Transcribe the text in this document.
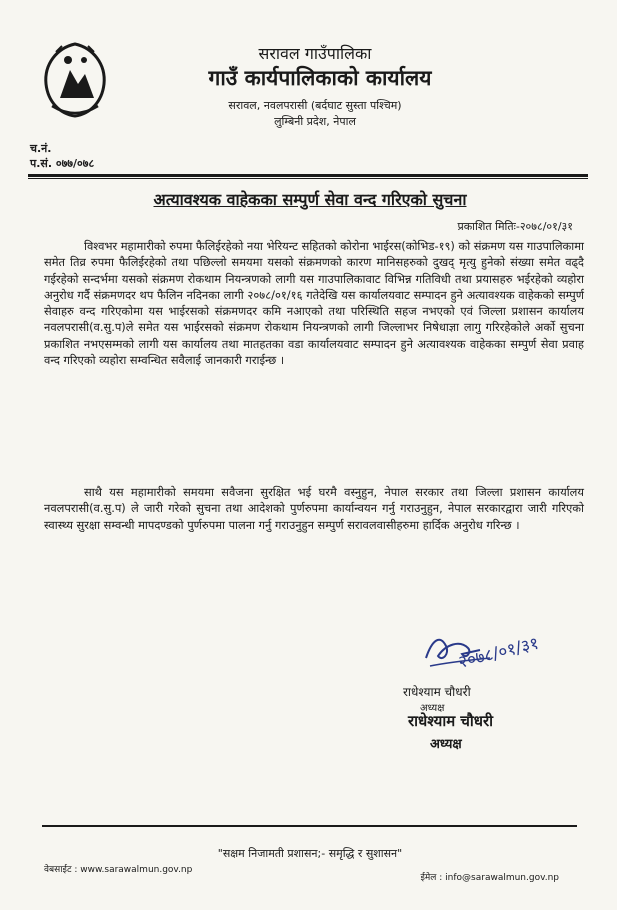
सरावल गाउँपालिका
गाउँ कार्यपालिकाको कार्यालय
सरावल, नवलपरासी (बर्दघाट सुस्ता पश्चिम)
लुम्बिनी प्रदेश, नेपाल
च.नं.
प.सं. ०७७/०७८
अत्यावश्यक वाहेकका सम्पुर्ण सेवा वन्द गरिएको सुचना
प्रकाशित मितिः-२०७८/०१/३१

विश्वभर महामारीको रुपमा फैलिईरहेको नया भेरियन्ट सहितको कोरोना भाईरस(कोभिड-१९) को संक्रमण यस गाउपालिकामा समेत तिव्र रुपमा फैलिईरहेको तथा पछिल्लो समयमा यसको संक्रमणको कारण मानिसहरुको दुखद् मृत्यु हुनेको संख्या समेत वढ्दै गईरहेको सन्दर्भमा यसको संक्रमण रोकथाम नियन्त्रणको लागी यस गाउपालिकावाट विभिन्न गतिविधी तथा प्रयासहरु भईरहेको व्यहोरा अनुरोध गर्दै संक्रमणदर थप फैलिन नदिनका लागी २०७८/०१/१६ गतेदेखि यस कार्यालयवाट सम्पादन हुने अत्यावश्यक वाहेकको सम्पुर्ण सेवाहरु वन्द गरिएकोमा यस भाईरसको संक्रमणदर कमि नआएको तथा परिस्थिति सहज नभएको एवं जिल्ला प्रशासन कार्यालय नवलपरासी(व.सु.प)ले समेत यस भाईरसको संक्रमण रोकथाम नियन्त्रणको लागी जिल्लाभर निषेधाज्ञा लागु गरिरहेकोले अर्को सुचना प्रकाशित नभएसम्मको लागी यस कार्यालय तथा मातहतका वडा कार्यालयवाट सम्पादन हुने अत्यावश्यक वाहेकका सम्पुर्ण सेवा प्रवाह वन्द गरिएको व्यहोरा सम्वन्धित सवैलाई जानकारी गराईन्छ ।

साथै यस महामारीको समयमा सवैजना सुरक्षित भई घरमै वस्नुहुन, नेपाल सरकार तथा जिल्ला प्रशासन कार्यालय नवलपरासी(व.सु.प) ले जारी गरेको सुचना तथा आदेशको पुर्णरुपमा कार्यान्वयन गर्नु गराउनुहुन, नेपाल सरकारद्वारा जारी गरिएको स्वास्थ्य सुरक्षा सम्वन्धी मापदण्डको पुर्णरुपमा पालना गर्नु गराउनुहुन सम्पुर्ण सरावलवासीहरुमा हार्दिक अनुरोध गरिन्छ ।

२०७८/०१/३१
राधेश्याम चौधरी
अध्यक्ष
राधेश्याम चौधरी
अध्यक्ष
"सक्षम निजामती प्रशासन;- समृद्धि र सुशासन"
वेबसाईट : www.sarawalmun.gov.np
ईमेल : info@sarawalmun.gov.np
